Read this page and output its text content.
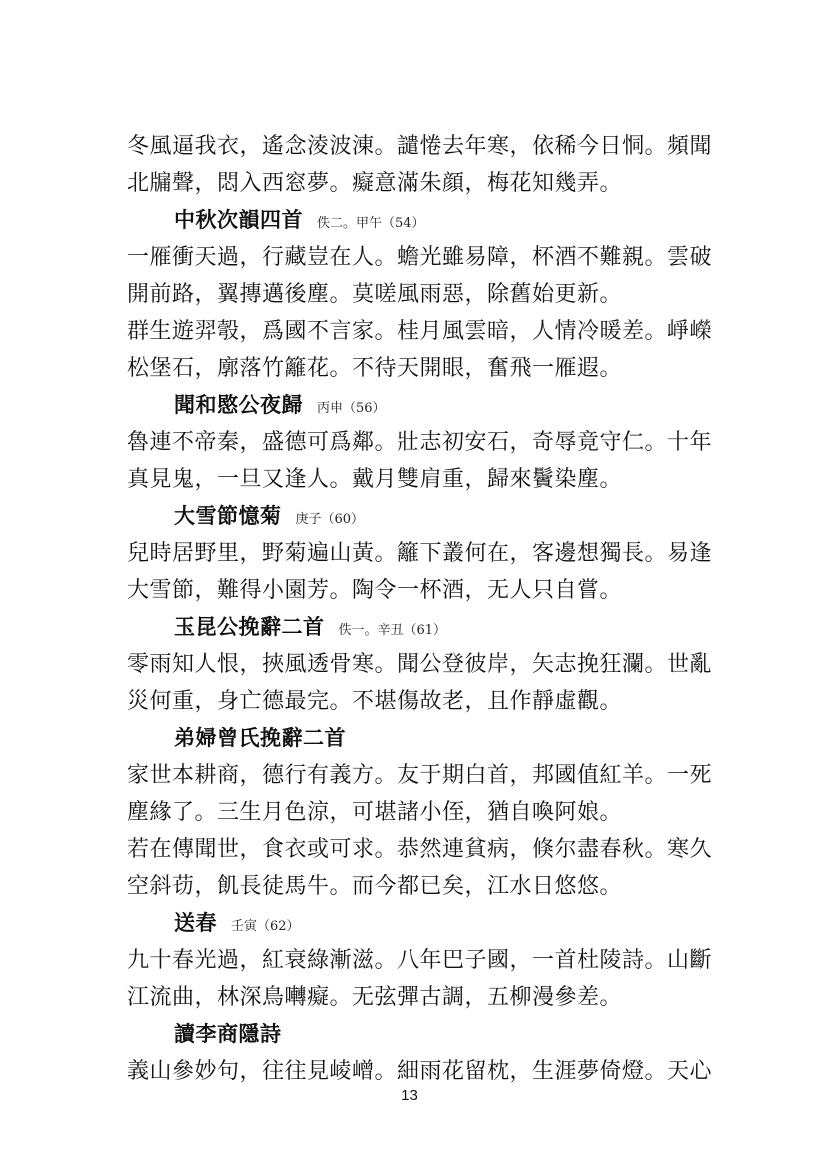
冬風逼我衣，遙念淩波涷。譴惓去年寒，依稀今日恫。頻聞
北牖聲，悶入西窓夢。癡意滿朱顔，梅花知幾弄。
中秋次韻四首 佚二。甲午（54）
一雁衝天過，行藏豈在人。蟾光雖易障，杯酒不難親。雲破
開前路，翼摶邁後塵。莫嗟風雨惡，除舊始更新。
群生遊羿彀，爲國不言家。桂月風雲暗，人情冷暖差。崢嶸
松堡石，廓落竹籬花。不待天開眼，奮飛一雁遐。
聞和愍公夜歸 丙申（56）
魯連不帝秦，盛德可爲鄰。壯志初安石，奇辱竟守仁。十年
真見鬼，一旦又逢人。戴月雙肩重，歸來鬢染塵。
大雪節憶菊 庚子（60）
兒時居野里，野菊遍山黃。籬下叢何在，客邊想獨長。易逢
大雪節，難得小園芳。陶令一杯酒，无人只自嘗。
玉昆公挽辭二首 佚一。辛丑（61）
零雨知人恨，挾風透骨寒。聞公登彼岸，矢志挽狂瀾。世亂
災何重，身亡德最完。不堪傷故老，且作靜虛觀。
弟婦曾氏挽辭二首
家世本耕商，德行有義方。友于期白首，邦國值紅羊。一死
塵緣了。三生月色涼，可堪諸小侄，猶自喚阿娘。
若在傳聞世，食衣或可求。恭然連貧病，倏尔盡春秋。寒久
空斜苆，飢長徒馬牛。而今都已矣，江水日悠悠。
送春 壬寅（62）
九十春光過，紅衰綠漸滋。八年巴子國，一首杜陵詩。山斷
江流曲，林深鳥囀癡。无弦彈古調，五柳漫參差。
讀李商隱詩
義山參妙句，往往見崚嶒。細雨花留枕，生涯夢倚燈。天心
13
